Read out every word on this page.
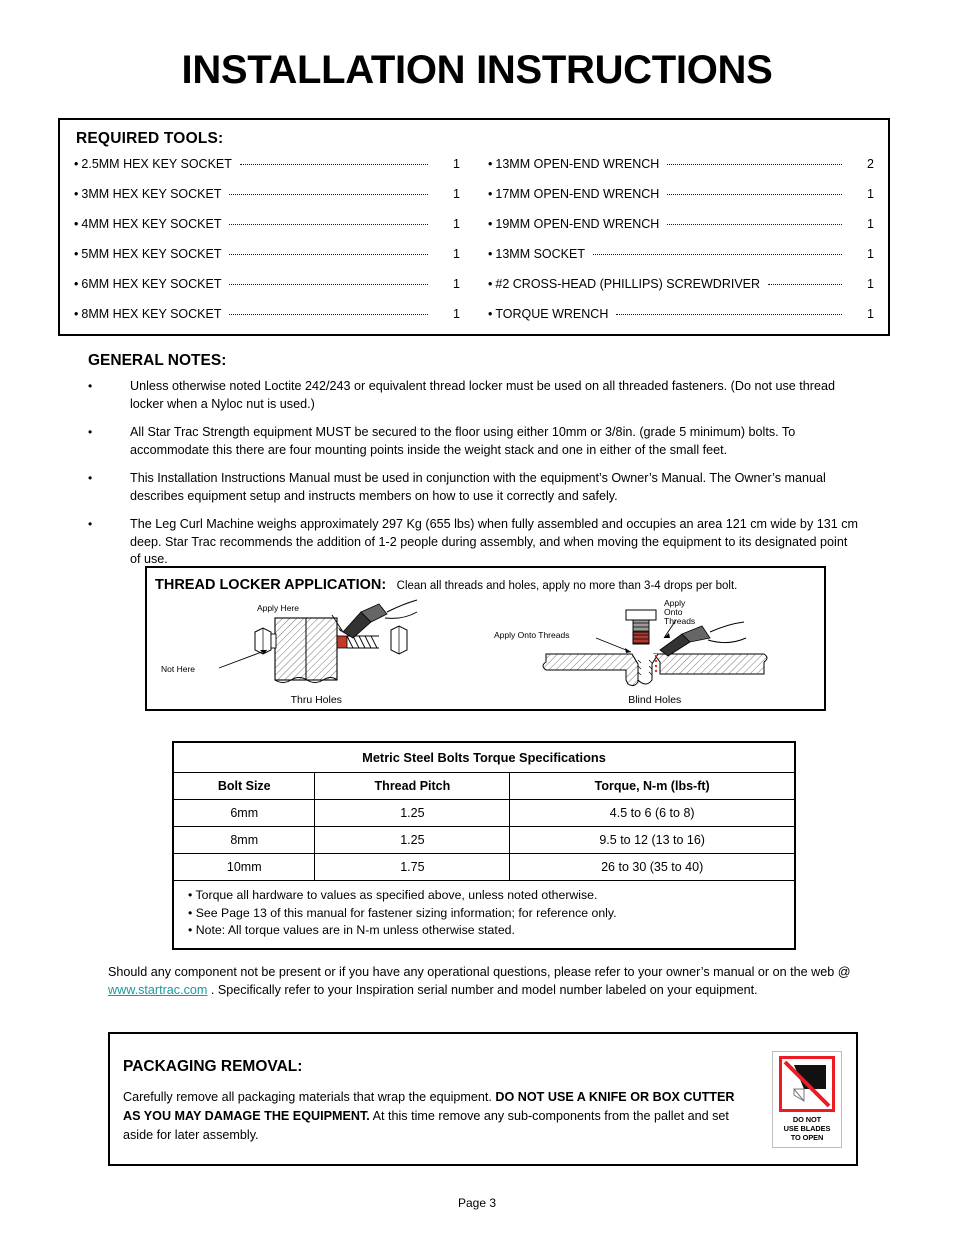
INSTALLATION INSTRUCTIONS
REQUIRED TOOLS:
• 2.5MM HEX KEY SOCKET	1
• 3MM HEX KEY SOCKET	1
• 4MM HEX KEY SOCKET	1
• 5MM HEX KEY SOCKET	1
• 6MM HEX KEY SOCKET	1
• 8MM HEX KEY SOCKET	1
• 13MM OPEN-END WRENCH	2
• 17MM OPEN-END WRENCH	1
• 19MM OPEN-END WRENCH	1
• 13MM SOCKET	1
• #2 CROSS-HEAD (PHILLIPS) SCREWDRIVER	1
• TORQUE WRENCH	1
GENERAL NOTES:
•	Unless otherwise noted Loctite 242/243 or equivalent thread locker must be used on all threaded fasteners. (Do not use thread locker when a Nyloc nut is used.)
•	All Star Trac Strength equipment MUST be secured to the floor using either 10mm or 3/8in. (grade 5 minimum) bolts. To accommodate this there are four mounting points inside the weight stack and one in either of the small feet.
•	This Installation Instructions Manual must be used in conjunction with the equipment’s Owner’s Manual. The Owner’s manual describes equipment setup and instructs members on how to use it correctly and safely.
•	The Leg Curl Machine weighs approximately 297 Kg (655 lbs) when fully assembled and occupies an area 121 cm wide by 131 cm deep. Star Trac recommends the addition of 1-2 people during assembly, and when moving the equipment to its designated point of use.
THREAD LOCKER APPLICATION: Clean all threads and holes, apply no more than 3-4 drops per bolt.
Apply Here
Not Here
Thru Holes
Apply
Onto
Threads
Apply Onto Threads
Blind Holes
Metric Steel Bolts Torque Specifications		
Bolt Size	Thread Pitch	Torque, N-m (lbs-ft)
6mm	1.25	4.5 to 6 (6 to 8)
8mm	1.25	9.5 to 12 (13 to 16)
10mm	1.75	26 to 30 (35 to 40)
• Torque all hardware to values as specified above, unless noted otherwise.
• See Page 13 of this manual for fastener sizing information; for reference only.
• Note: All torque values are in N-m unless otherwise stated.
Should any component not be present or if you have any operational questions, please refer to your owner’s manual or on the web @ www.startrac.com . Specifically refer to your Inspiration serial number and model number labeled on your equipment.
PACKAGING REMOVAL:
Carefully remove all packaging materials that wrap the equipment. DO NOT USE A KNIFE OR BOX CUTTER AS YOU MAY DAMAGE THE EQUIPMENT. At this time remove any sub-components from the pallet and set aside for later assembly.
DO NOT
USE BLADES
TO OPEN
Page 3
